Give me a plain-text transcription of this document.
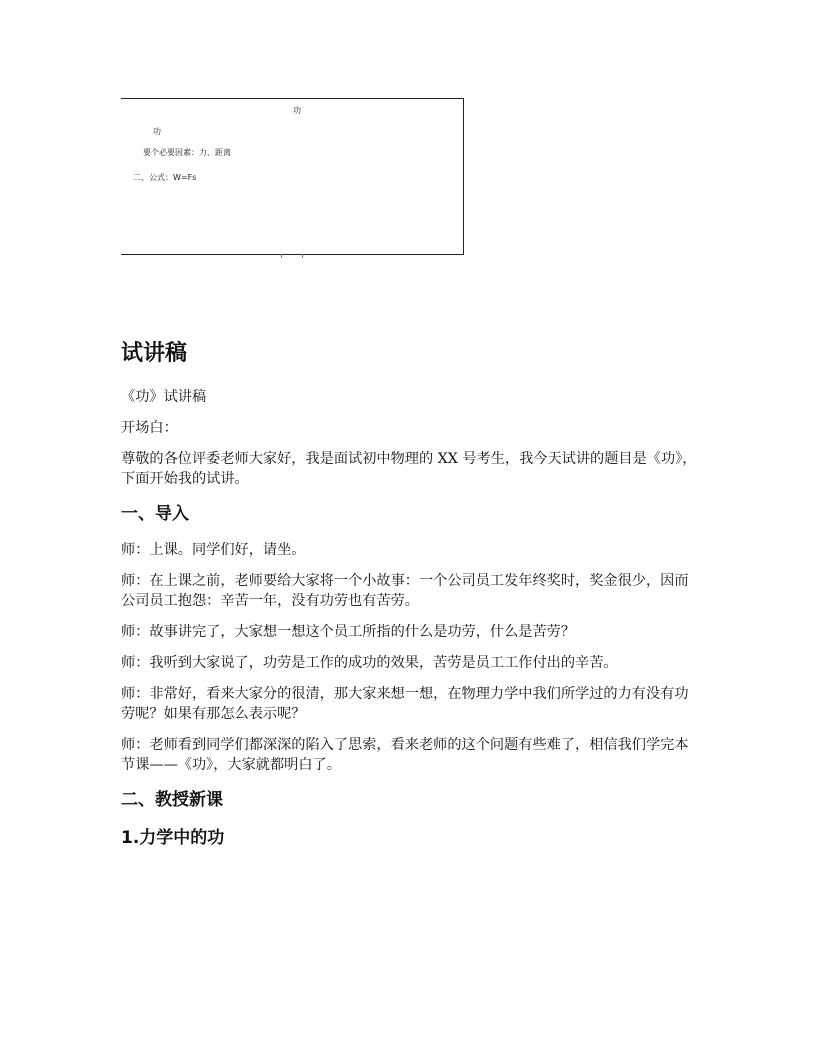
功
功
要个必要因素：力、距离
二、公式：W=Fs
试讲稿

《功》试讲稿

开场白：

尊敬的各位评委老师大家好，我是面试初中物理的 XX 号考生，我今天试讲的题目是《功》，下面开始我的试讲。

一、导入

师：上课。同学们好，请坐。

师：在上课之前，老师要给大家将一个小故事：一个公司员工发年终奖时，奖金很少，因而公司员工抱怨：辛苦一年，没有功劳也有苦劳。

师：故事讲完了，大家想一想这个员工所指的什么是功劳，什么是苦劳？

师：我听到大家说了，功劳是工作的成功的效果，苦劳是员工工作付出的辛苦。

师：非常好，看来大家分的很清，那大家来想一想，在物理力学中我们所学过的力有没有功劳呢？如果有那怎么表示呢？

师：老师看到同学们都深深的陷入了思索，看来老师的这个问题有些难了，相信我们学完本节课——《功》，大家就都明白了。

二、教授新课
1.力学中的功
